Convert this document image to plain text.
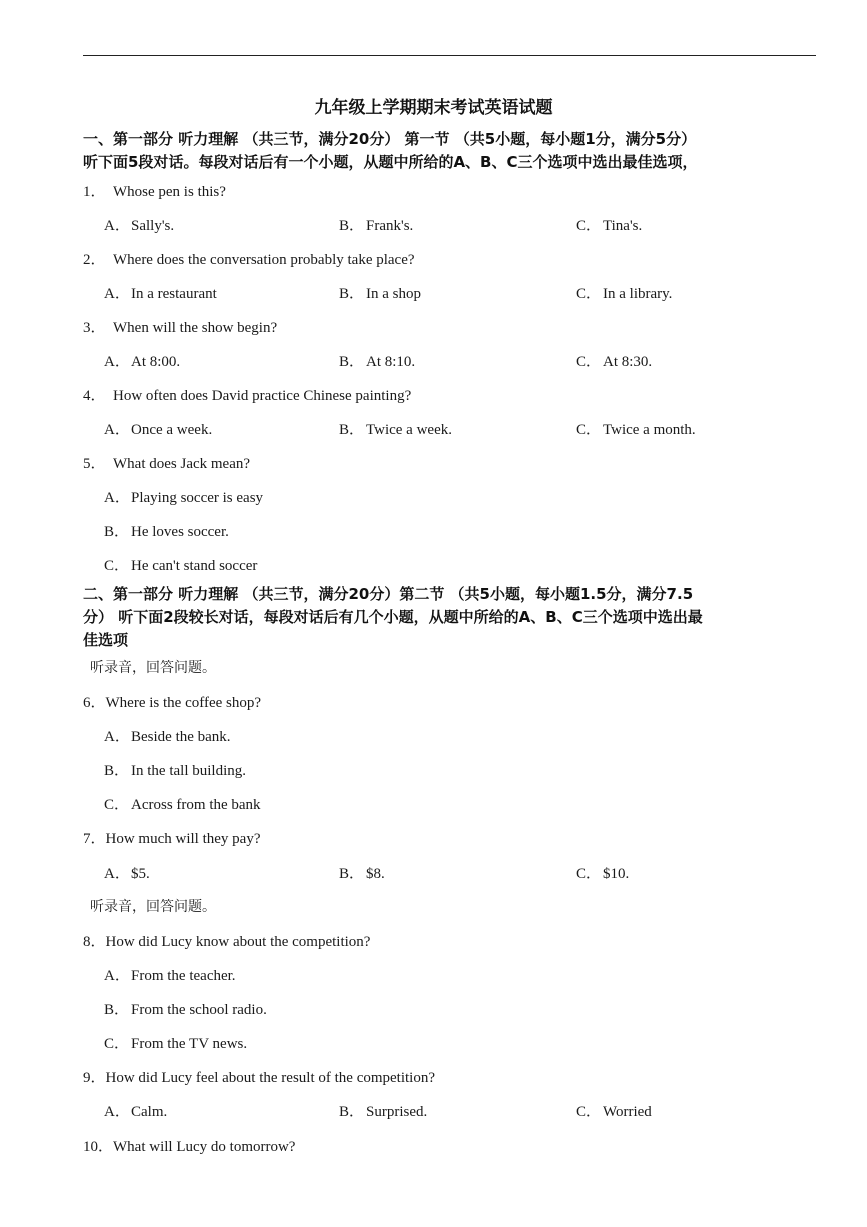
九年级上学期期末考试英语试题
一、第一部分 听力理解 （共三节，满分20分） 第一节 （共5小题，每小题1分，满分5分）
听下面5段对话。每段对话后有一个小题，从题中所给的A、B、C三个选项中选出最佳选项，
1． Whose pen is this?
A．Sally's.	B． Frank's.	C． Tina's.
2． Where does the conversation probably take place?
A．In a restaurant	B． In a shop	C． In a library.
3． When will the show begin?
A．At 8:00.	B． At 8:10.	C． At 8:30.
4． How often does David practice Chinese painting?
A．Once a week.	B． Twice a week.	C． Twice a month.
5． What does Jack mean?
A．Playing soccer is easy
B． He loves soccer.
C． He can't stand soccer
二、第一部分 听力理解 （共三节，满分20分）第二节 （共5小题，每小题1.5分，满分7.5
分） 听下面2段较长对话，每段对话后有几个小题，从题中所给的A、B、C三个选项中选出最
佳选项
听录音，回答问题。
6．Where is the coffee shop?
A．Beside the bank.
B． In the tall building.
C． Across from the bank
7．How much will they pay?
A．$5.	B． $8.	C． $10.
听录音，回答问题。
8．How did Lucy know about the competition?
A．From the teacher.
B． From the school radio.
C． From the TV news.
9．How did Lucy feel about the result of the competition?
A．Calm.	B． Surprised.	C． Worried
10．What will Lucy do tomorrow?
